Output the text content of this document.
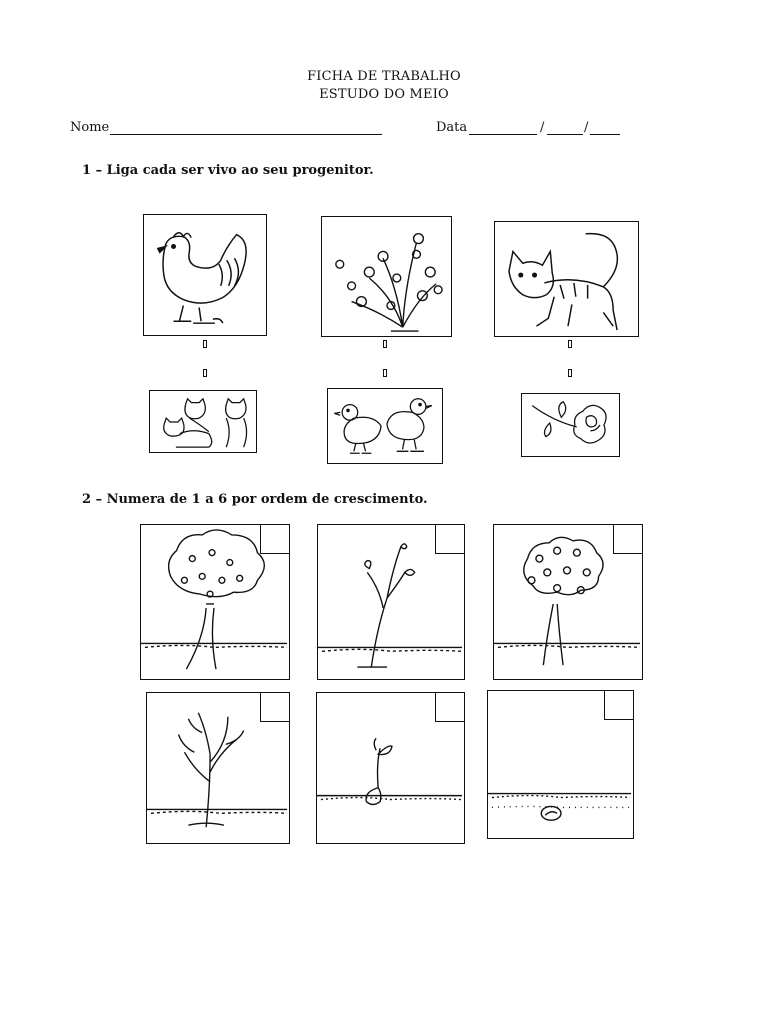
FICHA DE TRABALHO
ESTUDO DO MEIO
Nome	Data	/	/
1 – Liga cada ser vivo ao seu progenitor.
2 – Numera de 1 a 6 por ordem de crescimento.
